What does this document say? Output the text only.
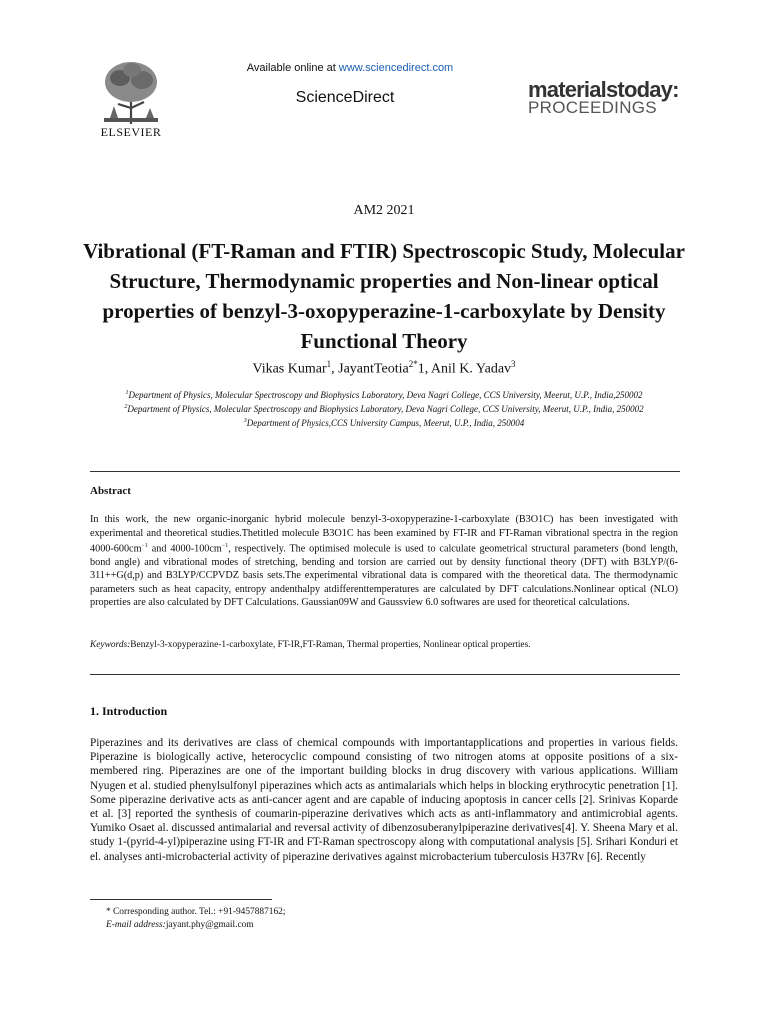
ELSEVIER
Available online at www.sciencedirect.com
ScienceDirect	materialstoday:
PROCEEDINGS
AM2 2021
Vibrational (FT-Raman and FTIR) Spectroscopic Study, Molecular Structure, Thermodynamic properties and Non-linear optical properties of benzyl-3-oxopyperazine-1-carboxylate by Density Functional Theory
Vikas Kumar$^1$, JayantTeotia$^{2*}$1, Anil K. Yadav$^3$
$^1$Department of Physics, Molecular Spectroscopy and Biophysics Laboratory, Deva Nagri College, CCS University, Meerut, U.P., India,250002
$^2$Department of Physics, Molecular Spectroscopy and Biophysics Laboratory, Deva Nagri College, CCS University, Meerut, U.P., India, 250002
$^3$Department of Physics,CCS University Campus, Meerut, U.P., India, 250004
Abstract
In this work, the new organic-inorganic hybrid molecule benzyl-3-oxopyperazine-1-carboxylate (B3O1C) has been investigated with experimental and theoretical studies.Thetitled molecule B3O1C has been examined by FT-IR and FT-Raman vibrational spectra in the region $4000-600cm^{-1}$ and $4000-100cm^{-1}$, respectively. The optimised molecule is used to calculate geometrical structural parameters (bond length, bond angle) and vibrational modes of stretching, bending and torsion are carried out by density functional theory (DFT) with B3LYP/(6-311++G(d,p) and B3LYP/CCPVDZ basis sets.The experimental vibrational data is compared with the theoretical data. The thermodynamic parameters such as heat capacity, entropy andenthalpy atdifferenttemperatures are calculated by DFT calculations.Nonlinear optical (NLO) properties are also calculated by DFT Calculations. Gaussian09W and Gaussview 6.0 softwares are used for theoretical calculations.
Keywords:Benzyl-3-xopyperazine-1-carboxylate, FT-IR,FT-Raman, Thermal properties, Nonlinear optical properties.
1. Introduction
Piperazines and its derivatives are class of chemical compounds with importantapplications and properties in various fields. Piperazine is biologically active, heterocyclic compound consisting of two nitrogen atoms at opposite positions of a six-membered ring. Piperazines are one of the important building blocks in drug discovery with various applications. William Nyugen et al. studied phenylsulfonyl piperazines which acts as antimalarials which helps in blocking erythrocytic penetration [1]. Some piperazine derivative acts as anti-cancer agent and are capable of inducing apoptosis in cancer cells [2]. Srinivas Koparde et al. [3] reported the synthesis of coumarin-piperazine derivatives which acts as anti-inflammatory and antimicrobial agents. Yumiko Osaet al. discussed antimalarial and reversal activity of dibenzosuberanylpiperazine derivatives[4]. Y. Sheena Mary et al. study 1-(pyrid-4-yl)piperazine using FT-IR and FT-Raman spectroscopy along with computational analysis [5]. Srihari Konduri et el. analyses anti-microbacterial activity of piperazine derivatives against microbacterium tuberculosis H37Rv [6]. Recently
* Corresponding author. Tel.: +91-9457887162;
E-mail address:jayant.phy@gmail.com
